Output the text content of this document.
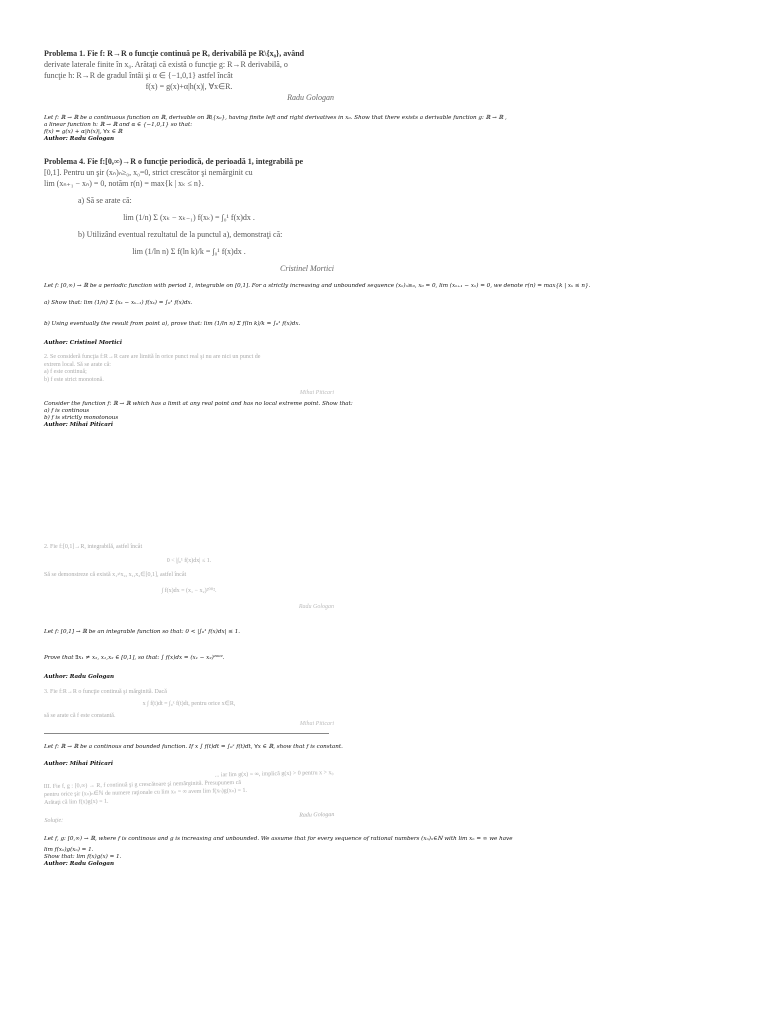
Problema 1. Fie f: R→R o funcţie continuă pe R, derivabilă pe R\{x₀}, având
derivate laterale finite în x₀. Arătaţi că există o funcţie g: R→R derivabilă, o
funcţie h: R→R de gradul întâi şi α ∈ {−1,0,1} astfel încât
f(x) = g(x)+α|h(x)|, ∀x∈R.
Radu Gologan

Let f: ℝ → ℝ be a continuous function on ℝ, derivable on ℝ\{x₀}, having finite left and right derivatives in x₀. Show that there exists a derivable function g: ℝ → ℝ ,

a linear function h: ℝ → ℝ and α ∈ {−1,0,1} so that:

f(x) = g(x) + α|h(x)|, ∀x ∈ ℝ

Author: Radu Gologan

Problema 4. Fie f:[0,∞)→R o funcţie periodică, de perioadă 1, integrabilă pe
[0,1]. Pentru un şir (xₙ)ₙ≥₀, x₀=0, strict crescător şi nemărginit cu
lim (xₙ₊₁ − xₙ) = 0, notăm r(n) = max{k | xₖ ≤ n}.
a) Să se arate că:
lim (1/n) Σ (xₖ − xₖ₋₁) f(xₖ) = ∫₀¹ f(x)dx .
b) Utilizând eventual rezultatul de la punctul a), demonstraţi că:
lim (1/ln n) Σ f(ln k)/k = ∫₀¹ f(x)dx .
Cristinel Mortici

Let f: [0,∞) → ℝ be a periodic function with period 1, integrable on [0,1]. For a strictly increasing and unbounded sequence (xₙ)ₙ≥₀, x₀ = 0, lim (xₙ₊₁ − xₙ) = 0, we denote r(n) = max{k | xₖ ≤ n}.

a) Show that: lim (1/n) Σ (xₖ − xₖ₋₁) f(xₖ) = ∫₀¹ f(x)dx.

b) Using eventually the result from point a), prove that: lim (1/ln n) Σ f(ln k)/k = ∫₀¹ f(x)dx.

Author: Cristinel Mortici

2. Se consideră funcţia f:R→R care are limită în orice punct real şi nu are nici un punct de
extrem local. Să se arate că:
a) f este continuă;
b) f este strict monotonă.
Mihai Piticari

Consider the function f: ℝ → ℝ which has a limit at any real point and has no local extreme point. Show that:

a) f is continous

b) f is strictly monotonous

Author: Mihai Piticari

2. Fie f:[0,1]→R, integrabilă, astfel încât
0 < |∫₀¹ f(x)dx| ≤ 1.
Să se demonstreze că există x₁≠x₂, x₁,x₂∈[0,1], astfel încât
∫ f(x)dx = (x₁ − x₂)²⁰⁰².
Radu Gologan

Let f: [0,1] → ℝ be an integrable function so that: 0 < |∫₀¹ f(x)dx| ≤ 1.

Prove that ∃x₁ ≠ x₂, x₁,x₂ ∈ [0,1], so that: ∫ f(x)dx = (x₁ − x₂)²⁰⁰².

Author: Radu Gologan

3. Fie f:R→R o funcţie continuă şi mărginită. Dacă
x ∫ f(t)dt = ∫₀ˣ f(t)dt, pentru orice x∈R,
să se arate că f este constantă.
Mihai Piticari

Let f: ℝ → ℝ be a continous and bounded function. If x ∫ f(t)dt = ∫₀ˣ f(t)dt, ∀x ∈ ℝ, show that f is constant.

Author: Mihai Piticari

... iar lim g(x) = ∞, implică g(x) > 0 pentru x > x₀
III. Fie f, g : [0,∞) → R, f continuă şi g crescătoare şi nemărginită. Presupunem că
pentru orice şir (xₙ)ₙ∈ℕ de numere raţionale cu lim xₙ = ∞ avem lim f(xₙ)g(xₙ) = 1.
Arătaţi că lim f(x)g(x) = 1.
Soluţie:
Radu Gologan

Let f, g: [0,∞) → ℝ, where f is continous and g is increasing and unbounded. We assume that for every sequence of rational numbers (xₙ)ₙ∈ℕ with lim xₙ = ∞ we have

lim f(xₙ)g(xₙ) = 1.

Show that: lim f(x)g(x) = 1.

Author: Radu Gologan
